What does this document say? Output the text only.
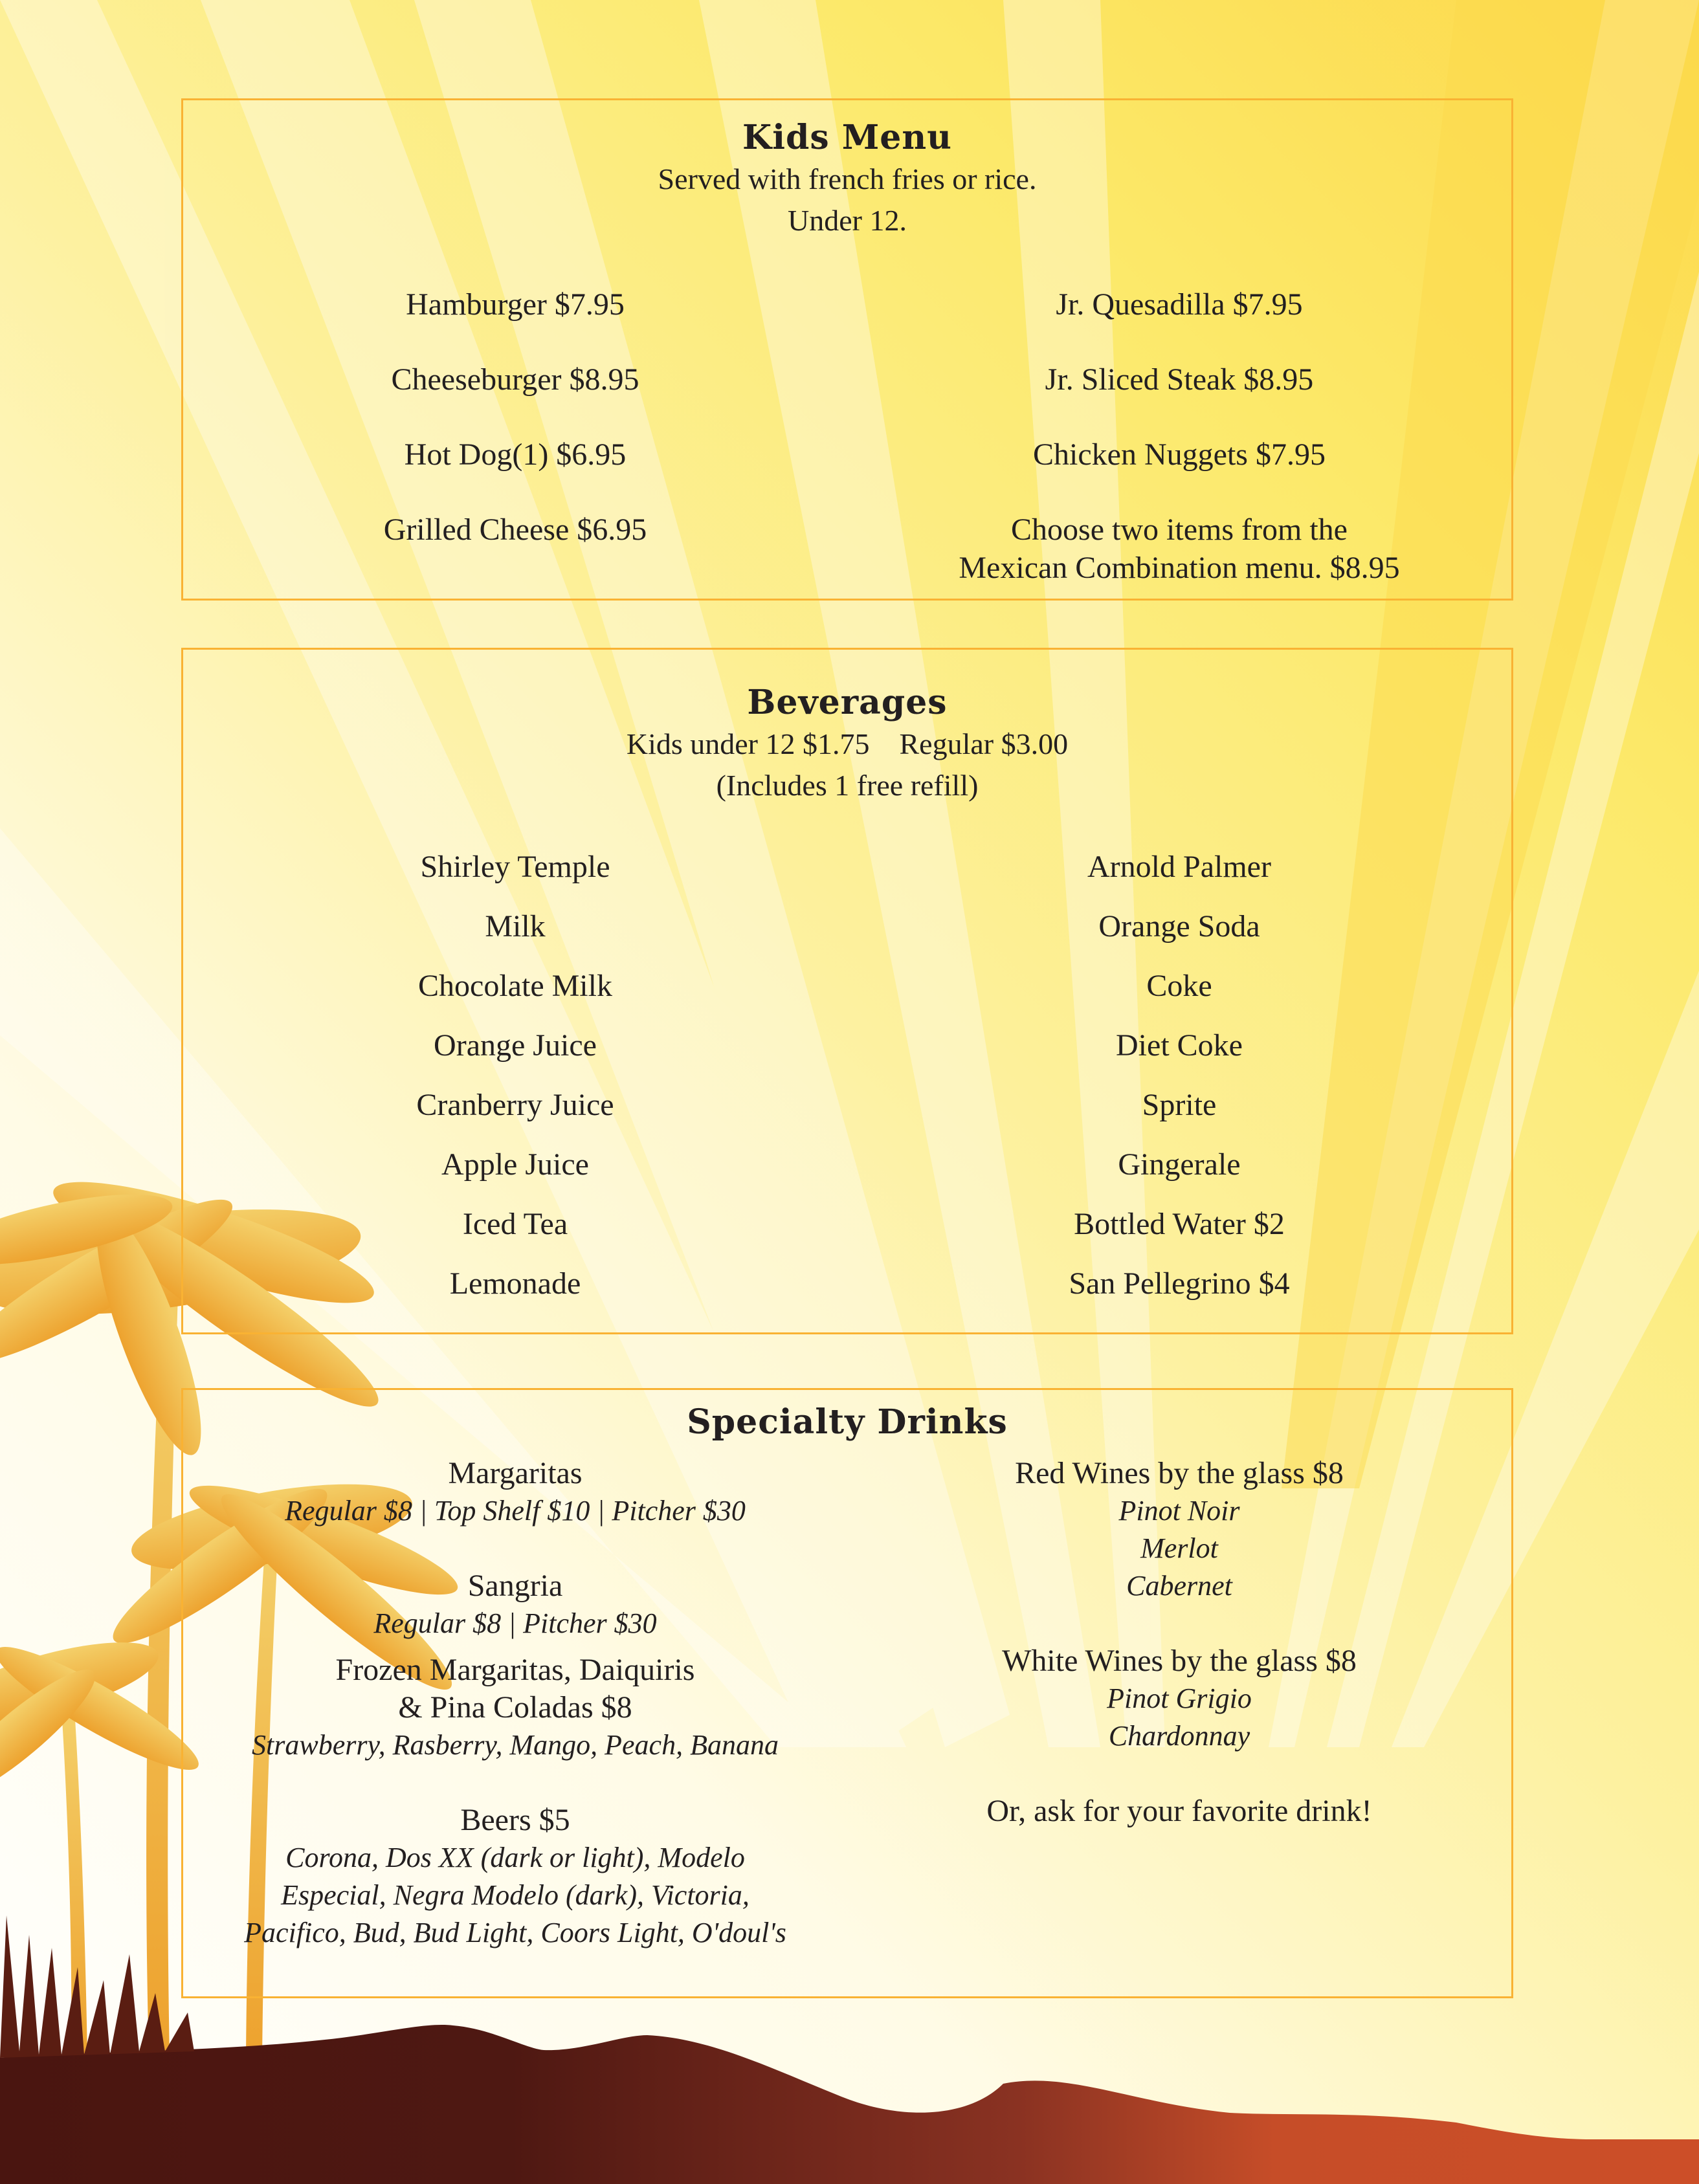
Kids Menu
Served with french fries or rice.
Under 12.
Hamburger $7.95
Cheeseburger $8.95
Hot Dog(1) $6.95
Grilled Cheese $6.95
Jr. Quesadilla $7.95
Jr. Sliced Steak $8.95
Chicken Nuggets $7.95
Choose two items from the
Mexican Combination menu. $8.95
Beverages
Kids under 12 $1.75    Regular $3.00
(Includes 1 free refill)
Shirley Temple
Milk
Chocolate Milk
Orange Juice
Cranberry Juice
Apple Juice
Iced Tea
Lemonade
Arnold Palmer
Orange Soda
Coke
Diet Coke
Sprite
Gingerale
Bottled Water $2
San Pellegrino $4
Specialty Drinks
Margaritas
Regular $8 | Top Shelf $10 | Pitcher $30
Sangria
Regular $8 | Pitcher $30
Frozen Margaritas, Daiquiris
& Pina Coladas $8
Strawberry, Rasberry, Mango, Peach, Banana
Beers $5
Corona, Dos XX (dark or light), Modelo
Especial, Negra Modelo (dark), Victoria,
Pacifico, Bud, Bud Light, Coors Light, O'doul's
Red Wines by the glass $8
Pinot Noir
Merlot
Cabernet
White Wines by the glass $8
Pinot Grigio
Chardonnay
Or, ask for your favorite drink!
